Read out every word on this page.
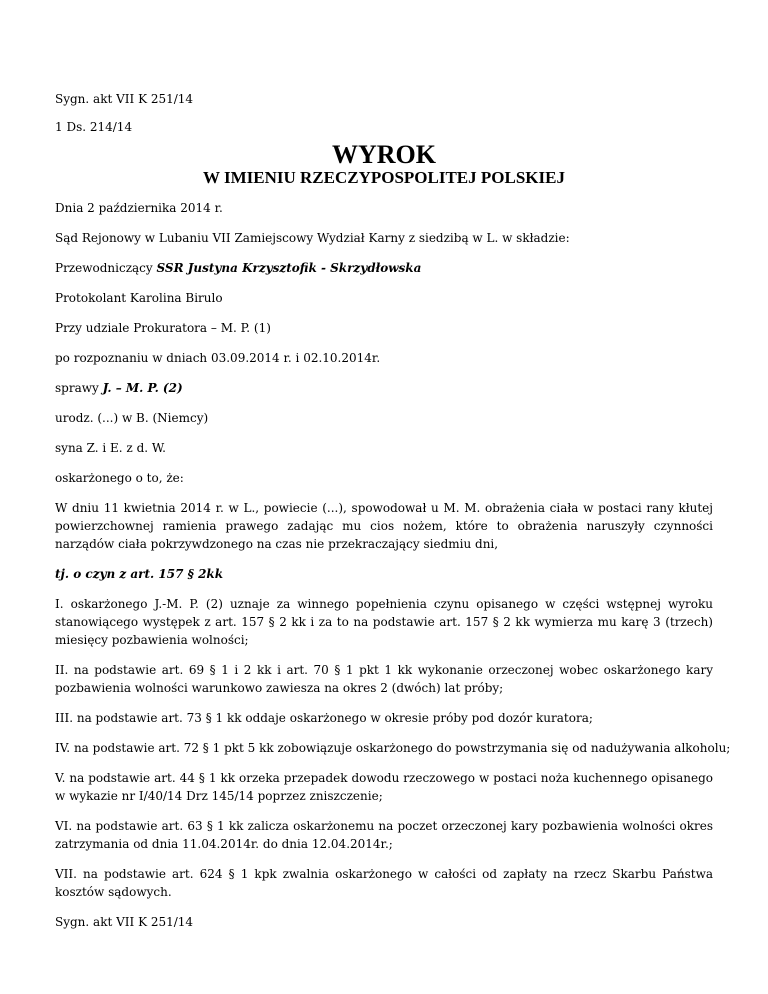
Sygn. akt VII K 251/14

1 Ds. 214/14

WYROK
W IMIENIU RZECZYPOSPOLITEJ POLSKIEJ

Dnia 2 października 2014 r.

Sąd Rejonowy w Lubaniu VII Zamiejscowy Wydział Karny z siedzibą w L. w składzie:

Przewodniczący SSR Justyna Krzysztofik - Skrzydłowska

Protokolant Karolina Birulo

Przy udziale Prokuratora – M. P. (1)

po rozpoznaniu w dniach 03.09.2014 r. i 02.10.2014r.

sprawy J. – M. P. (2)

urodz. (...) w B. (Niemcy)

syna Z. i E. z d. W.

oskarżonego o to, że:

W dniu 11 kwietnia 2014 r. w L., powiecie (...), spowodował u M. M. obrażenia ciała w postaci rany kłutej powierzchownej ramienia prawego zadając mu cios nożem, które to obrażenia naruszyły czynności narządów ciała pokrzywdzonego na czas nie przekraczający siedmiu dni,

tj. o czyn z art. 157 § 2kk

I. oskarżonego J.-M. P. (2) uznaje za winnego popełnienia czynu opisanego w części wstępnej wyroku stanowiącego występek z art. 157 § 2 kk i za to na podstawie art. 157 § 2 kk wymierza mu karę 3 (trzech) miesięcy pozbawienia wolności;

II. na podstawie art. 69 § 1 i 2 kk i art. 70 § 1 pkt 1 kk wykonanie orzeczonej wobec oskarżonego kary pozbawienia wolności warunkowo zawiesza na okres 2 (dwóch) lat próby;

III. na podstawie art. 73 § 1 kk oddaje oskarżonego w okresie próby pod dozór kuratora;

IV. na podstawie art. 72 § 1 pkt 5 kk zobowiązuje oskarżonego do powstrzymania się od nadużywania alkoholu;

V. na podstawie art. 44 § 1 kk orzeka przepadek dowodu rzeczowego w postaci noża kuchennego opisanego w wykazie nr I/40/14 Drz 145/14 poprzez zniszczenie;

VI. na podstawie art. 63 § 1 kk zalicza oskarżonemu na poczet orzeczonej kary pozbawienia wolności okres zatrzymania od dnia 11.04.2014r. do dnia 12.04.2014r.;

VII. na podstawie art. 624 § 1 kpk zwalnia oskarżonego w całości od zapłaty na rzecz Skarbu Państwa kosztów sądowych.

Sygn. akt VII K 251/14
